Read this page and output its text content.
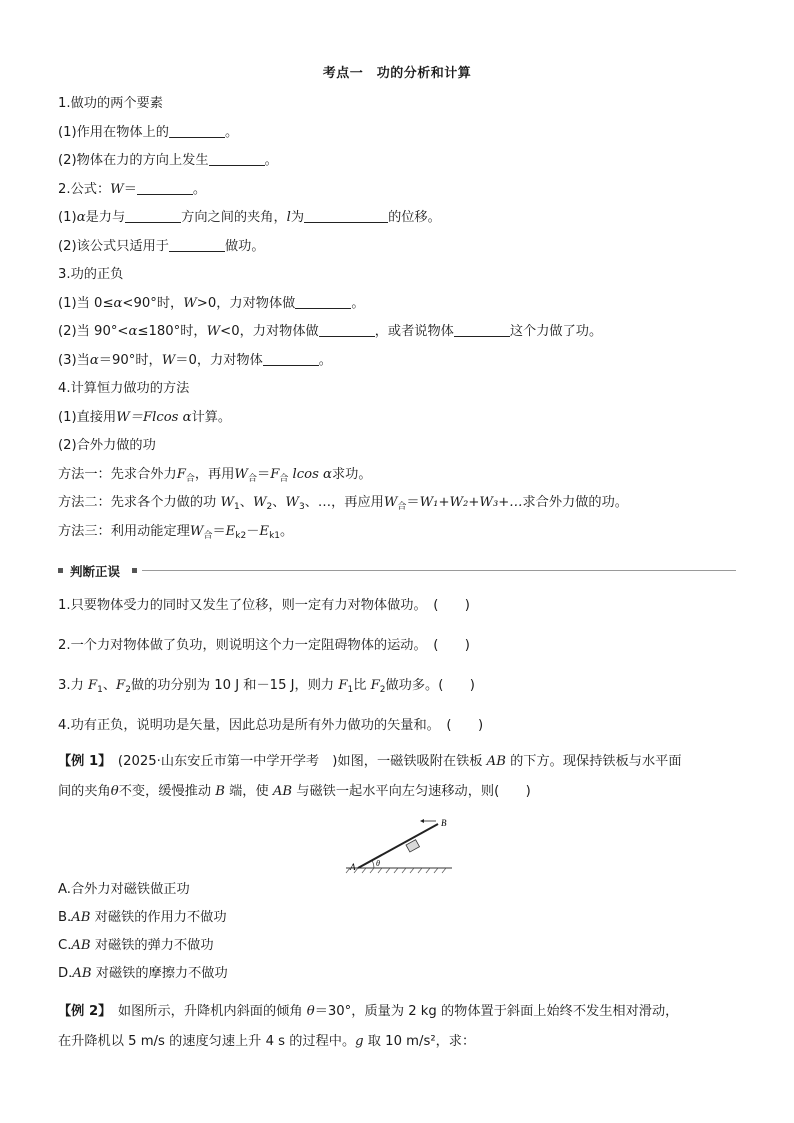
考点一　功的分析和计算
1.做功的两个要素
(1)作用在物体上的	。
(2)物体在力的方向上发生	。
2.公式：W＝	。
(1)α是力与	方向之间的夹角，l为	的位移。
(2)该公式只适用于	做功。
3.功的正负
(1)当 0≤α<90°时，W>0，力对物体做	。
(2)当 90°<α≤180°时，W<0，力对物体做	，或者说物体	这个力做了功。
(3)当α＝90°时，W＝0，力对物体	。
4.计算恒力做功的方法
(1)直接用W＝Flcos α计算。
(2)合外力做的功
方法一：先求合外力$F_合$，再用$W_合=F_合$ lcos α求功。
方法二：先求各个力做的功 $W_1$、$W_2$、$W_3$、…，再应用$W_合=W_1+W_2+W_3+\dots$求合外力做的功。
方法三：利用动能定理$W_合=E_{k2}-E_{k1}$。
判断正误
1.只要物体受力的同时又发生了位移，则一定有力对物体做功。　 (　　)
2.一个力对物体做了负功，则说明这个力一定阻碍物体的运动。　 (　　)
3.力 $F_1$、$F_2$做的功分别为 10 J 和－15 J，则力 $F_1$比 $F_2$做功多。(　　)
4.功有正负，说明功是矢量，因此总功是所有外力做功的矢量和。　 (　　)
【例 1】　 (2025·山东安丘市第一中学开学考　)如图，一磁铁吸附在铁板 AB 的下方。现保持铁板与水平面
间的夹角θ不变，缓慢推动 B 端，使 AB 与磁铁一起水平向左匀速移动，则(　　)
A
B
θ
A.合外力对磁铁做正功
B.AB 对磁铁的作用力不做功
C.AB 对磁铁的弹力不做功
D.AB 对磁铁的摩擦力不做功
【例 2】　如图所示，升降机内斜面的倾角 θ＝30°，质量为 2 kg 的物体置于斜面上始终不发生相对滑动，
在升降机以 5 m/s 的速度匀速上升 4 s 的过程中。g 取 10 m/s²，求：
